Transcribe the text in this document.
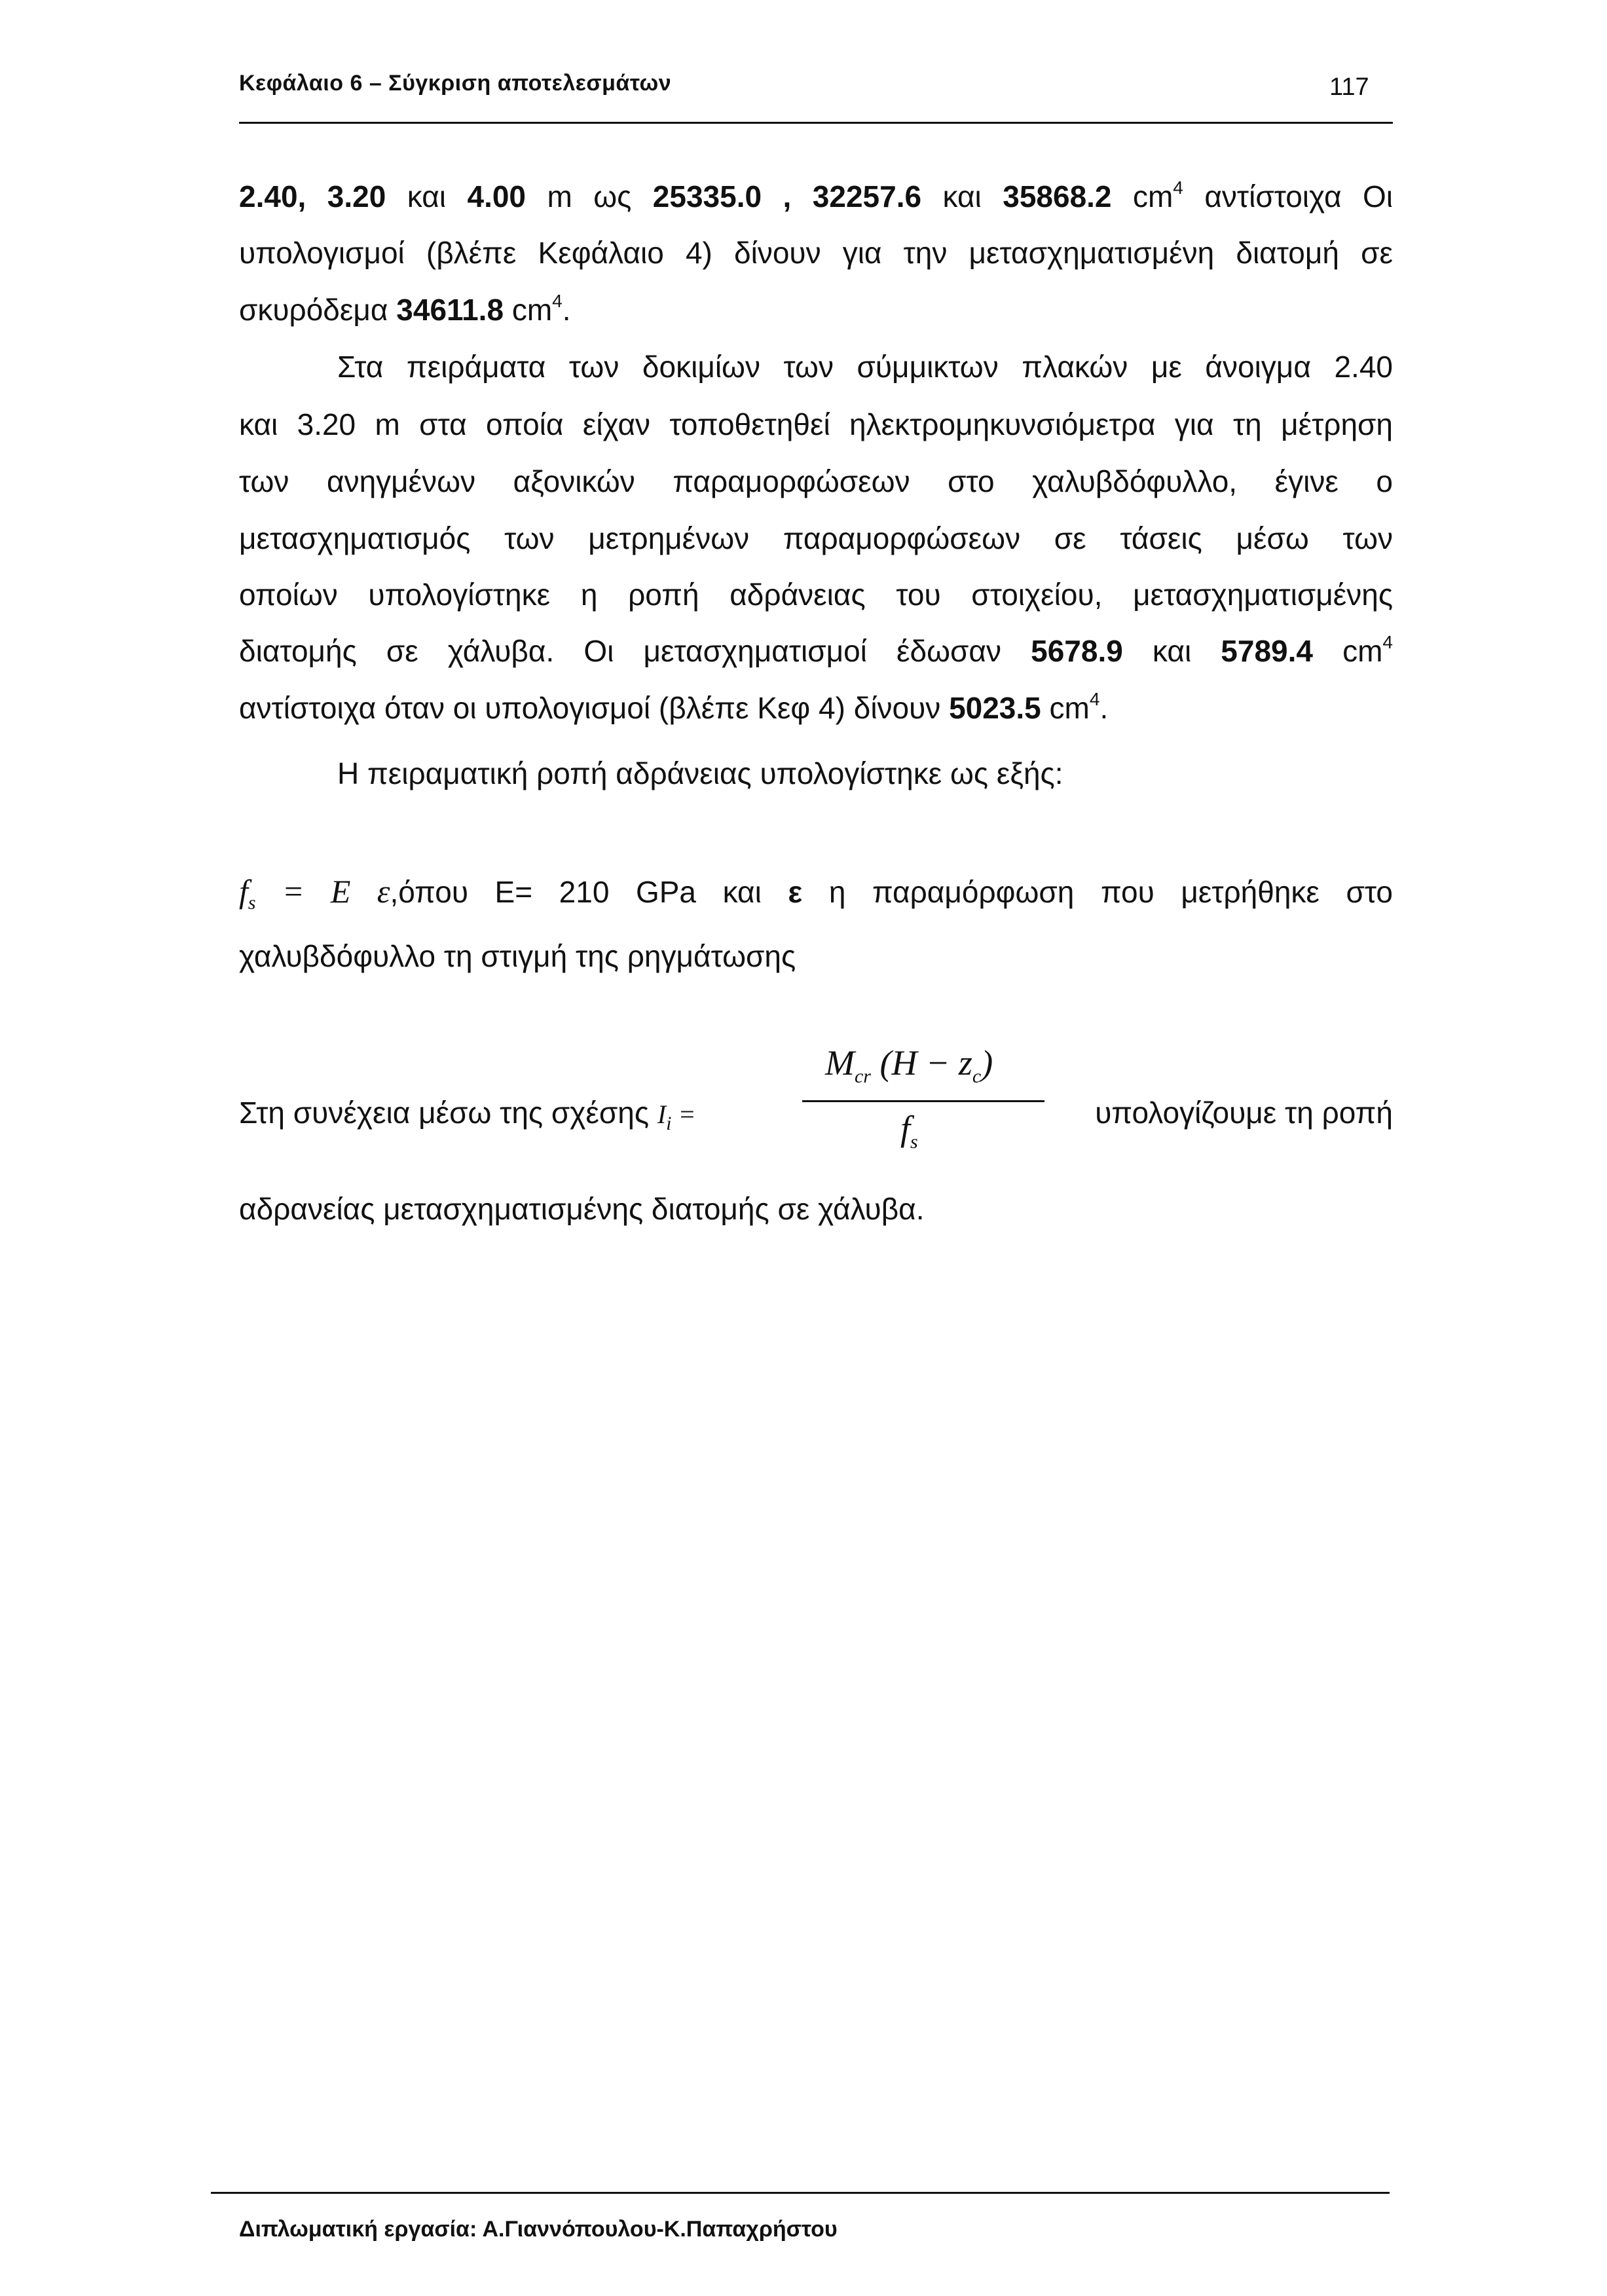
Κεφάλαιο 6 – Σύγκριση αποτελεσμάτων	117
2.40, 3.20 και 4.00 m ως 25335.0 , 32257.6 και 35868.2 $cm^4$ αντίστοιχα Οι
υπολογισμοί (βλέπε Κεφάλαιο 4) δίνουν για την μετασχηματισμένη διατομή σε
σκυρόδεμα 34611.8 $cm^4$.
Στα πειράματα των δοκιμίων των σύμμικτων πλακών με άνοιγμα 2.40
και 3.20 m στα οποία είχαν τοποθετηθεί ηλεκτρομηκυνσιόμετρα για τη μέτρηση
των ανηγμένων αξονικών παραμορφώσεων στο χαλυβδόφυλλο, έγινε ο
μετασχηματισμός των μετρημένων παραμορφώσεων σε τάσεις μέσω των
οποίων υπολογίστηκε η ροπή αδράνειας του στοιχείου, μετασχηματισμένης
διατομής σε χάλυβα. Οι μετασχηματισμοί έδωσαν 5678.9 και 5789.4 $cm^4$
αντίστοιχα όταν οι υπολογισμοί (βλέπε Κεφ 4) δίνουν 5023.5 $cm^4$.
Η πειραματική ροπή αδράνειας υπολογίστηκε ως εξής:
$f_s = E$ ε,όπου E= 210 GPa και ε η παραμόρφωση που μετρήθηκε στο
χαλυβδόφυλλο τη στιγμή της ρηγμάτωσης
Στη συνέχεια μέσω της σχέσης $I_i$ =
$M_{cr}$ $(H - z_c)$
$f_s$
υπολογίζουμε τη ροπή
αδρανείας μετασχηματισμένης διατομής σε χάλυβα.
Διπλωματική εργασία: Α.Γιαννόπουλου-Κ.Παπαχρήστου
